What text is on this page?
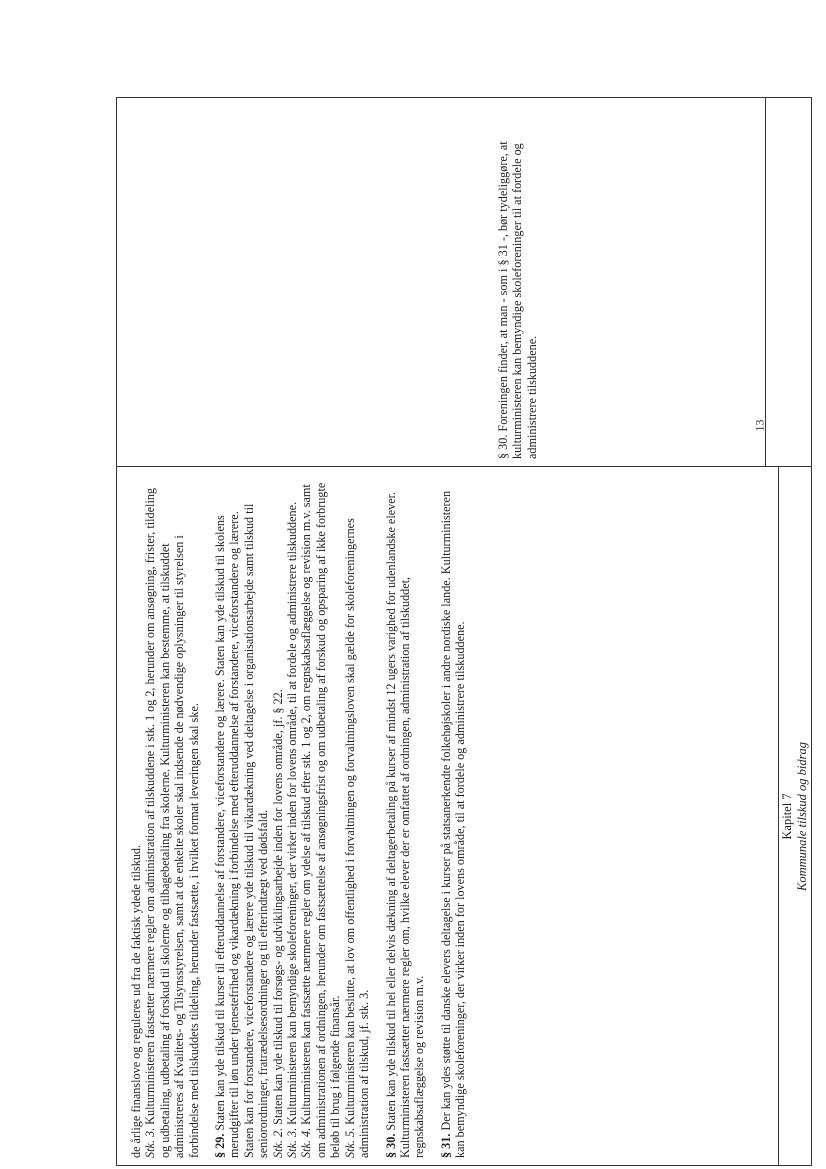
de årlige finanslove og reguleres ud fra de faktisk ydede tilskud.
Stk. 3. Kulturministeren fastsætter nærmere regler om administration af tilskuddene i stk. 1 og 2, herunder om ansøgning, frister, tildeling og udbetaling, udbetaling af forskud til skolerne og tilbagebetaling fra skolerne. Kulturministeren kan bestemme, at tilskuddet administreres af Kvalitets- og Tilsynsstyrelsen, samt at de enkelte skoler skal indsende de nødvendige oplysninger til styrelsen i forbindelse med tilskuddets tildeling, herunder fastsætte, i hvilket format leveringen skal ske. § 29. Staten kan yde tilskud til kurser til efteruddannelse af forstandere, viceforstandere og lærere. Staten kan yde tilskud til skolens merudgifter til løn under tjenestefrihed og vikardækning i forbindelse med efteruddannelse af forstandere, viceforstandere og lærere. Staten kan for forstandere, viceforstandere og lærere yde tilskud til vikardækning ved deltagelse i organisationsarbejde samt tilskud til seniorordninger, fratrædelsesordninger og til efterindtægt ved dødsfald.
Stk. 2. Staten kan yde tilskud til forsøgs- og udviklingsarbejde inden for lovens område, jf. § 22.
Stk. 3. Kulturministeren kan bemyndige skoleforeninger, der virker inden for lovens område, til at fordele og administrere tilskuddene.
Stk. 4. Kulturministeren kan fastsætte nærmere regler om ydelse af tilskud efter stk. 1 og 2, om regnskabsaflæggelse og revision m.v. samt om administrationen af ordningen, herunder om fastsættelse af ansøgningsfrist og om udbetaling af forskud og opsparing af ikke forbrugte beløb til brug i følgende finansår.
Stk. 5. Kulturministeren kan beslutte, at lov om offentlighed i forvaltningen og forvaltningsloven skal gælde for skoleforeningernes administration af tilskud, jf. stk. 3. § 30. Staten kan yde tilskud til hel eller delvis dækning af deltagerbetaling på kurser af mindst 12 ugers varighed for udenlandske elever. Kulturministeren fastsætter nærmere regler om, hvilke elever der er omfattet af ordningen, administration af tilskuddet, regnskabsaflæggelse og revision m.v. § 31. Der kan ydes støtte til danske elevers deltagelse i kurser på statsanerkendte folkehøjskoler i andre nordiske lande. Kulturministeren kan bemyndige skoleforeninger, der virker inden for lovens område, til at fordele og administrere tilskuddene.

§ 30. Foreningen finder, at man - som i § 31 -, bør tydeliggøre, at kulturministeren kan bemyndige skoleforeninger til at fordele og administrere tilskuddene.

Kapitel 7 Kommunale tilskud og bidrag
13
